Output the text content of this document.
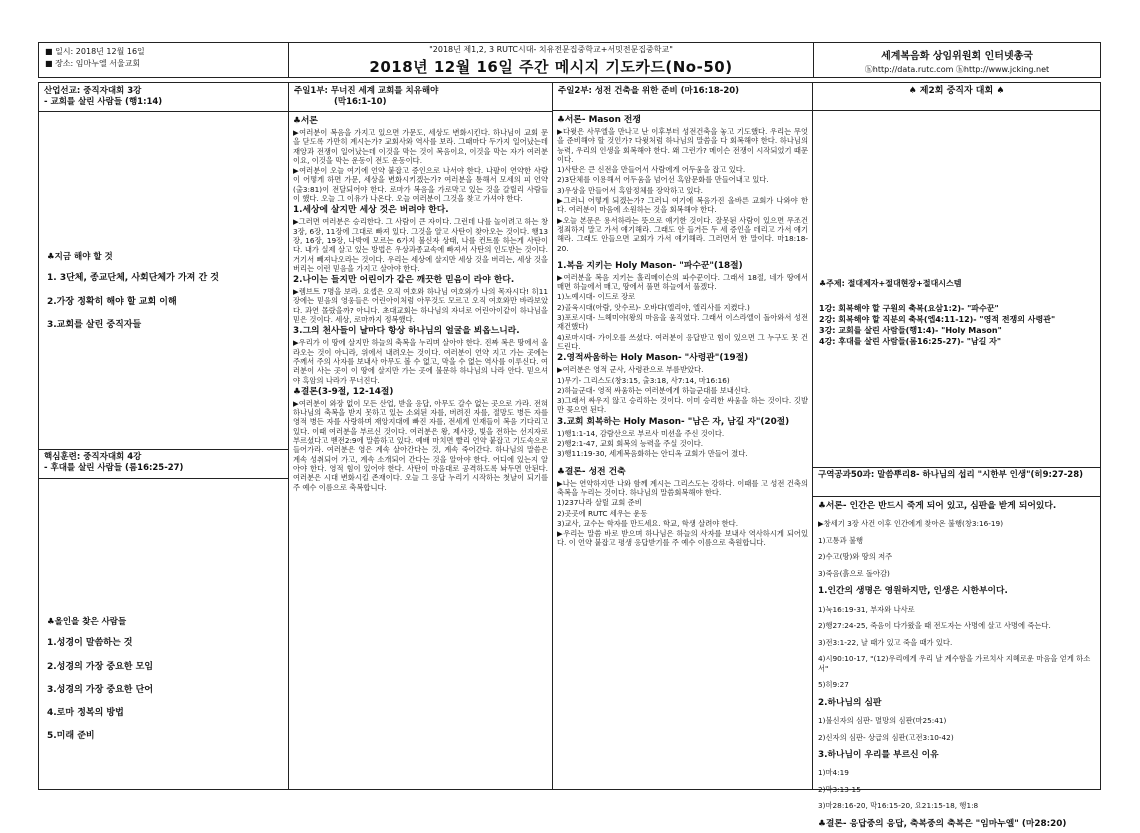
■ 일시: 2018년 12월 16일
■ 장소: 임마누엘 서울교회
"2018년 제1,2, 3 RUTC시대- 치유전문집중학교+서밋전문집중학교"
2018년 12월 16일 주간 메시지 기도카드(No-50)
세계복음화 상임위원회 인터넷총국
ⓗhttp://data.rutc.com ⓗhttp://www.jcking.net
산업선교: 중직자대회 3강
- 교회를 살린 사람들 (행1:14)
♣지금 해야 할 것
1. 3단체, 종교단체, 사회단체가 가져 간 것
2.가장 정확히 해야 할 교회 이해
3.교회를 살린 중직자들
핵심훈련: 중직자대회 4강
- 후대를 살린 사람들 (롬16:25-27)
♣올인을 찾은 사람들
1.성경이 말씀하는 것
2.성경의 가장 중요한 모임
3.성경의 가장 중요한 단어
4.로마 정복의 방법
5.미래 준비
주일1부: 무너진 세계 교회를 치유해야
(막16:1-10)
♣서론

▶여러분이 복음을 가지고 있으면 가문도, 세상도 변화시킨다. 하나님이 교회 문을 닫도록 가만히 계시는가? 교회사와 역사를 보라. 그때마다 두가지 일어났는데 재앙과 전쟁이 일어났는데 이것을 막는 것이 복음이요, 이것을 막는 자가 여러분이요, 이것을 막는 운동이 전도 운동이다.

▶여러분이 오늘 여기에 언약 붙잡고 증인으로 나서야 한다. 나팔이 연약한 사람이 어떻게 하면 가문, 세상을 변화시키겠는가? 여러분을 통해서 모세의 피 언약(출3:81)이 전달되어야 한다. 로마가 복음을 가로막고 있는 것을 갈릴리 사람들이 했다. 오늘 그 이유가 나온다. 오늘 여러분이 그것을 찾고 가셔야 한다.

1.세상에 살지만 세상 것은 버려야 한다.

▶그러면 여러분은 승리한다. 그 사람이 큰 자이다. 그런데 나를 놀이려고 하는 창3장, 6장, 11장에 그대로 빠져 있다. 그것을 알고 사탄이 찾아오는 것이다. 행13장, 16장, 19장, 나박에 모르는 6가지 불신자 상태, 나를 컨트롤 하는게 사탄이다. 내가 실제 살고 있는 방법은 우상과종교속에 빠져서 사탄의 인도받는 것이다. 거기서 빼져나오라는 것이다. 우리는 세상에 살지만 세상 것을 버리는, 세상 것을 버리는 이런 믿음을 가지고 살아야 한다.

2.나이는 들지만 어린이가 같은 깨끗한 믿음이 라야 한다.

▶렘브트 7명을 보라. 요셉은 오직 여호와 하나님 여호와가 나의 목자시다! 히11장에는 믿음의 영웅들은 어린아이처럼 아무것도 모르고 오직 여호와만 바라보았다. 과연 몰랐을까? 아니다. 초대교회는 하나님의 자녀로 어린아이같이 하나님을 믿은 것이다. 세상, 로마까지 정복했다.

3.그의 천사들이 날마다 항상 하나님의 얼굴을 뵈옵느니라.

▶우리가 이 땅에 살지만 하늘의 축복을 누리며 살아야 한다. 진짜 복은 땅에서 올라오는 것이 아니라, 위에서 내려오는 것이다. 여러분이 언약 지고 가는 곳에는 주께서 주의 사자를 보내사 아무도 볼 수 없고, 막을 수 없는 역사를 이루신다. 여러분이 사는 곳이 이 땅에 살지만 가는 곳에 불문하 하나님의 나라 안다. 믿으셔야 흑암의 나라가 무너진다.

♣결론(3-9절, 12-14절)

▶여러분이 와장 없이 모든 산업, 받을 응답, 아무도 갈수 없는 곳으로 가라. 전혀 하나님의 축복을 받지 못하고 있는 소외된 자를, 버려진 자를, 절망도 병든 자를 영적 병든 자를 사랑하며 재앙지대에 빠진 자를, 전세계 인재들이 복음 기다리고 있다. 이때 여러분을 부르신 것이다. 여러분은 왕, 제사장, 빛을 전하는 선지자로 부르셨다고 벧전2:9에 말씀하고 있다. 예배 마치면 빨리 언약 붙잡고 기도속으로 들어가라. 여러분은 영은 계속 살아간다는 것, 계속 죽어간다. 하나님의 말씀은 계속 성취되어 가고, 계속 소개되어 간다는 것을 알아야 한다. 어디에 있는지 알아야 한다. 영적 힘이 있어야 한다. 사탄이 마음대로 공격하도록 놔두면 안된다. 여러분은 시대 변화시킬 존재이다. 오늘 그 응답 누리기 시작하는 첫날이 되기를 주 예수 이름으로 축복합니다.

주일2부: 성전 건축을 위한 준비 (마16:18-20)
♣서론- Mason 전쟁

▶다윗은 사무엘을 만나고 난 이후부터 성전건축을 놓고 기도했다. 우리는 무엇을 준비해야 할 것인가? 다윗처럼 하나님의 말씀을 다 회복해야 한다. 하나님의 능력, 우리의 인생을 회복해야 한다. 왜 그런가? 메이슨 전쟁이 시작되었기 때문이다.

1)사탄은 큰 신전을 만들어서 사람에게 어두움을 잡고 있다.

2)3단체를 이용해서 어두움을 넘어선 흑암문화를 만들어내고 있다.

3)우상을 만들어서 흑암정체를 장악하고 있다.

▶그러니 어떻게 되겠는가? 그러니 여기에 복음가진 올바른 교회가 나와야 한다. 여러분이 마음에 소원하는 것을 회복해야 한다.

▶오늘 본문은 용서하라는 뜻으로 얘기한 것이다. 잘못된 사람이 있으면 무조건 정죄하지 말고 가서 얘기해라. 그래도 안 들거든 두 세 증인을 데리고 가서 얘기해라. 그래도 안들으면 교회가 가서 얘기해라. 그러면서 한 말이다. 마18:18-20.

1.복음 지키는 Holy Mason- "파수꾼"(18절)

▶여러분을 복음 지키는 홀리메이슨의 파수꾼이다. 그래서 18절, 네가 땅에서 매면 하늘에서 매고, 땅에서 풀면 하늘에서 풀겠다.

1)노예시대- 이드로 장로

2)골육시대(아람, 앗수르)- 오바댜(엘리야, 엘리사를 지켰다.)

3)포로시대- 느헤미야(왕의 마음을 움직였다. 그래서 이스라엘이 돌아와서 성전 재건했다)

4)로마시대- 가이오를 쓰셨다. 여러분이 응답받고 힘이 있으면 그 누구도 못 건드린다.

2.영적싸움하는 Holy Mason- "사령관"(19절)

▶여러분은 영적 군사, 사령관으로 부름받았다.

1)무기- 그리스도(창3:15, 출3:18, 사7:14, 마16:16)

2)하늘군대- 영적 싸움하는 여러분에게 하늘군대를 보내신다.

3)그래서 싸우지 않고 승리하는 것이다. 이미 승리한 싸움을 하는 것이다. 깃발만 꽂으면 된다.

3.교회 회복하는 Holy Mason- "남은 자, 남길 자"(20절)

1)행1:1-14, 감람산으로 부르사 미션을 주신 것이다.

2)행2:1-47, 교회 회복의 능력을 주실 것이다.

3)행11:19-30, 세계복음화하는 안디옥 교회가 만들어 졌다.

♣결론- 성전 건축

▶나는 연약하지만 나와 함께 계시는 그리스도는 강하다. 이때를 고 성전 건축의 축복을 누리는 것이다. 하나님의 말씀회복해야 한다.

1)237나라 살릴 교회 준비

2)곳곳에 RUTC 세우는 운동

3)교사, 교수는 학자를 만드세요. 학교, 학생 살려야 한다.

▶우리는 말씀 바로 받으며 하나님은 하늘의 사자를 보내사 역사하시게 되어있다. 이 언약 붙잡고 평생 응답받기를 주 예수 이름으로 축원합니다.

♠ 제2회 중직자 대회 ♠
♣주제: 절대제자+절대현장+절대시스템
1강: 회복해야 할 구원의 축복(요삼1:2)- "파수꾼"
2강: 회복해야 할 직분의 축복(엡4:11-12)- "영적 전쟁의 사령관"
3강: 교회를 살린 사람들(행1:4)- "Holy Mason"
4강: 후대를 살린 사람들(롬16:25-27)- "남길 자"
구역공과50과: 말씀뿌리8- 하나님의 섭리 "시한부 인생"(히9:27-28)
♣서론- 인간은 반드시 죽게 되어 있고, 심판을 받게 되어있다.

▶창세기 3장 사건 이후 인간에게 찾아온 불행(창3:16-19)

1)고통과 불행

2)수고(땅)와 땅의 저주

3)죽음(흙으로 돌아감)

1.인간의 생명은 영원하지만, 인생은 시한부이다.

1)눅16:19-31, 부자와 나사로

2)행27:24-25, 죽음이 다가왔을 때 전도자는 사명에 살고 사명에 죽는다.

3)전3:1-22, 날 때가 있고 죽을 때가 있다.

4)시90:10-17, "(12)우리에게 우리 날 계수함을 가르치사 지혜로운 마음을 얻게 하소서"

5)히9:27

2.하나님의 심판

1)불신자의 심판- 멸망의 심판(마25:41)

2)신자의 심판- 상급의 심판(고전3:10-42)

3.하나님이 우리를 부르신 이유

1)마4:19

2)막3:13-15

3)마28:16-20, 막16:15-20, 요21:15-18, 행1:8

♣결론- 응답중의 응답, 축복중의 축복은 "임마누엘" (마28:20)
